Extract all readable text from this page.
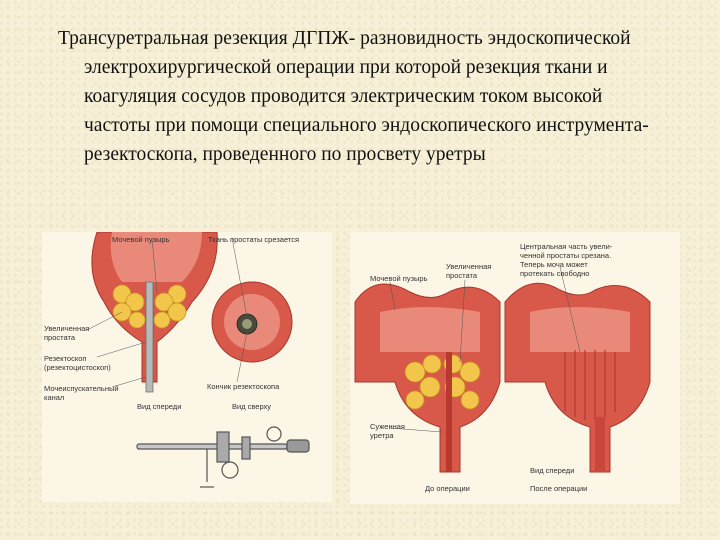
Трансуретральная резекция ДГПЖ- разновидность эндоскопической электрохирургической операции при которой резекция ткани и коагуляция сосудов проводится электрическим током высокой частоты при помощи специального эндоскопического инструмента- резектоскопа, проведенного по просвету уретры

Мочевой пузырь	Ткань простаты срезается
Увеличенная
простата
Резектоскоп
(резектоцистоскоп)
Мочеиспускательный
канал
Кончик резектоскопа
Вид спереди	Вид сверху
Центральная часть увели-
ченной простаты срезана.
Теперь моча может
протекать свободно
Мочевой пузырь
Увеличенная
простата
Суженная
уретра
Вид спереди
До операции	После операции
